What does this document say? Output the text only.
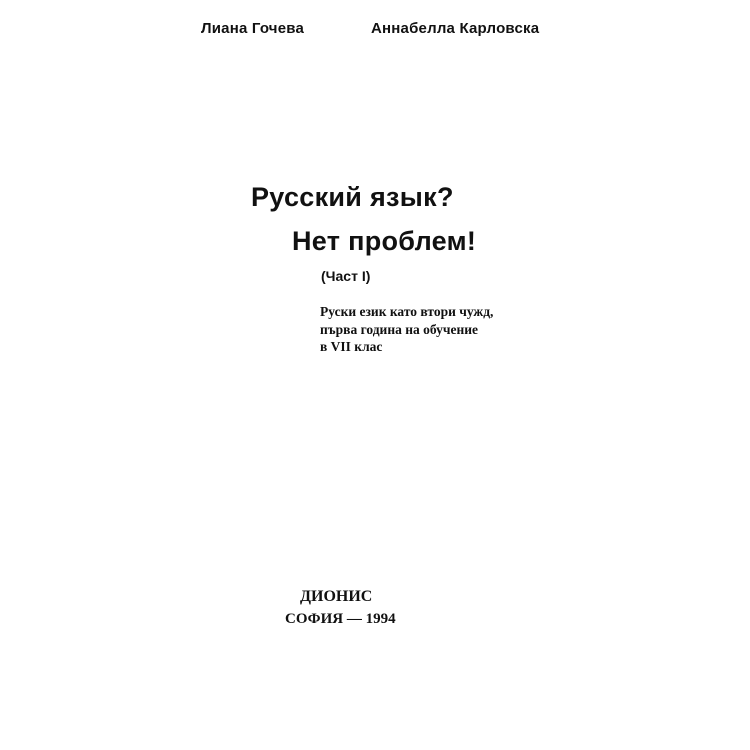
Лиана Гочева	Аннабелла Карловска
Русский язык?
Нет проблем!
(Част I)
Руски език като втори чужд,
първа година на обучение
в VII клас
ДИОНИС
СОФИЯ — 1994
